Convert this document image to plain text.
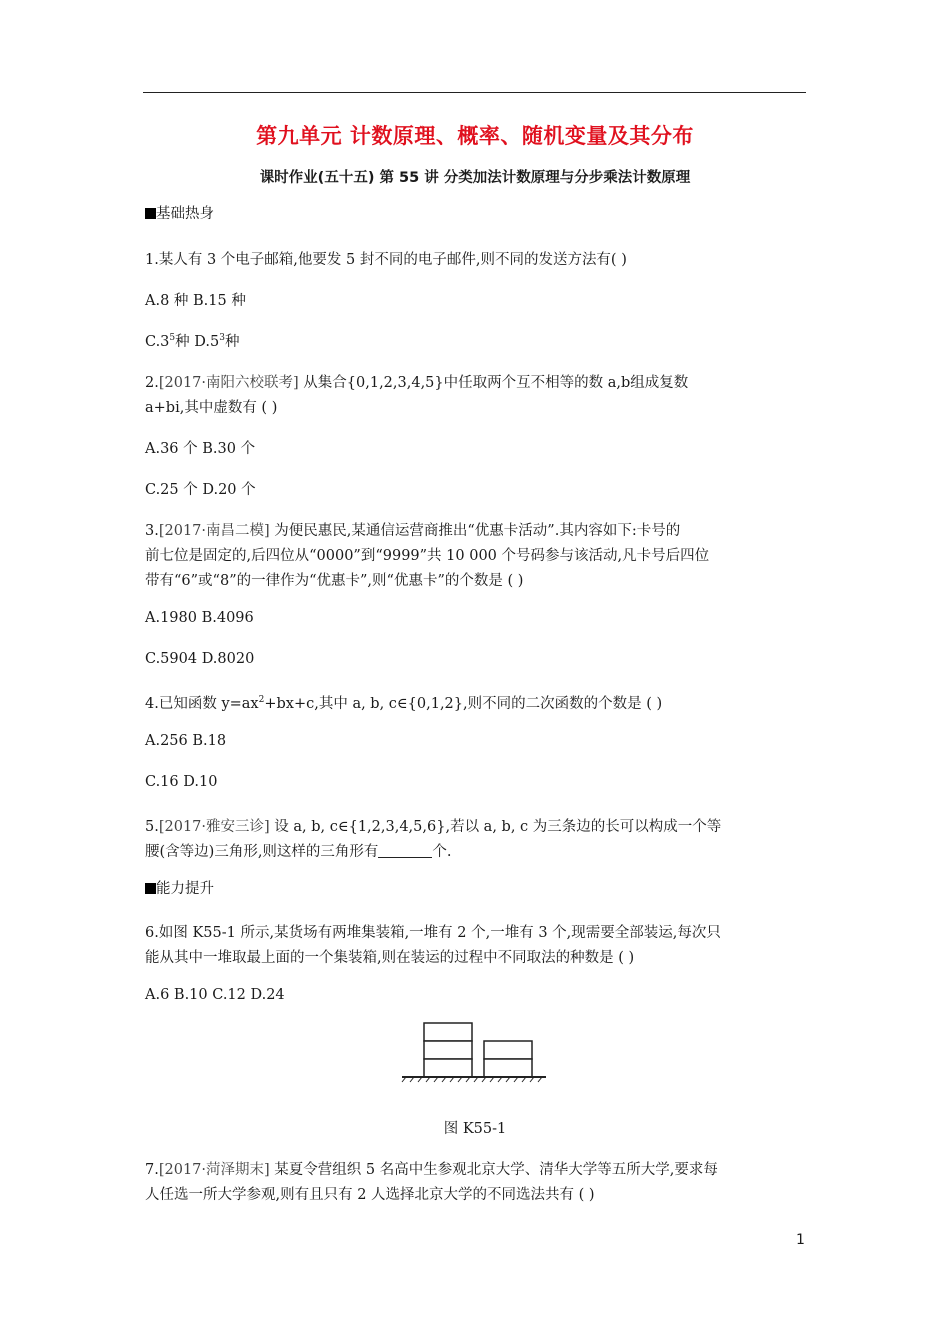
第九单元 计数原理、概率、随机变量及其分布
课时作业(五十五) 第 55 讲 分类加法计数原理与分步乘法计数原理
基础热身
1.某人有 3 个电子邮箱,他要发 5 封不同的电子邮件,则不同的发送方法有( )
A.8 种 B.15 种
$C.3^5$种 $D.5^3$种
2.[2017·南阳六校联考] 从集合{0,1,2,3,4,5}中任取两个互不相等的数 a,b组成复数
a+bi,其中虚数有 ( )
A.36 个 B.30 个
C.25 个 D.20 个
3.[2017·南昌二模] 为便民惠民,某通信运营商推出“优惠卡活动”.其内容如下:卡号的
前七位是固定的,后四位从“0000”到“9999”共 10 000 个号码参与该活动,凡卡号后四位
带有“6”或“8”的一律作为“优惠卡”,则“优惠卡”的个数是 ( )
A.1980 B.4096
C.5904 D.8020
4.已知函数 $y=ax^2+bx+c$,其中 a, b, c∈{0,1,2},则不同的二次函数的个数是 ( )
A.256 B.18
C.16 D.10
5.[2017·雅安三诊] 设 a, b, c∈{1,2,3,4,5,6},若以 a, b, c 为三条边的长可以构成一个等
腰(含等边)三角形,则这样的三角形有	个.
能力提升
6.如图 K55-1 所示,某货场有两堆集装箱,一堆有 2 个,一堆有 3 个,现需要全部装运,每次只
能从其中一堆取最上面的一个集装箱,则在装运的过程中不同取法的种数是 ( )
A.6 B.10 C.12 D.24
图 K55-1
7.[2017·菏泽期末] 某夏令营组织 5 名高中生参观北京大学、清华大学等五所大学,要求每
人任选一所大学参观,则有且只有 2 人选择北京大学的不同选法共有 ( )
1
